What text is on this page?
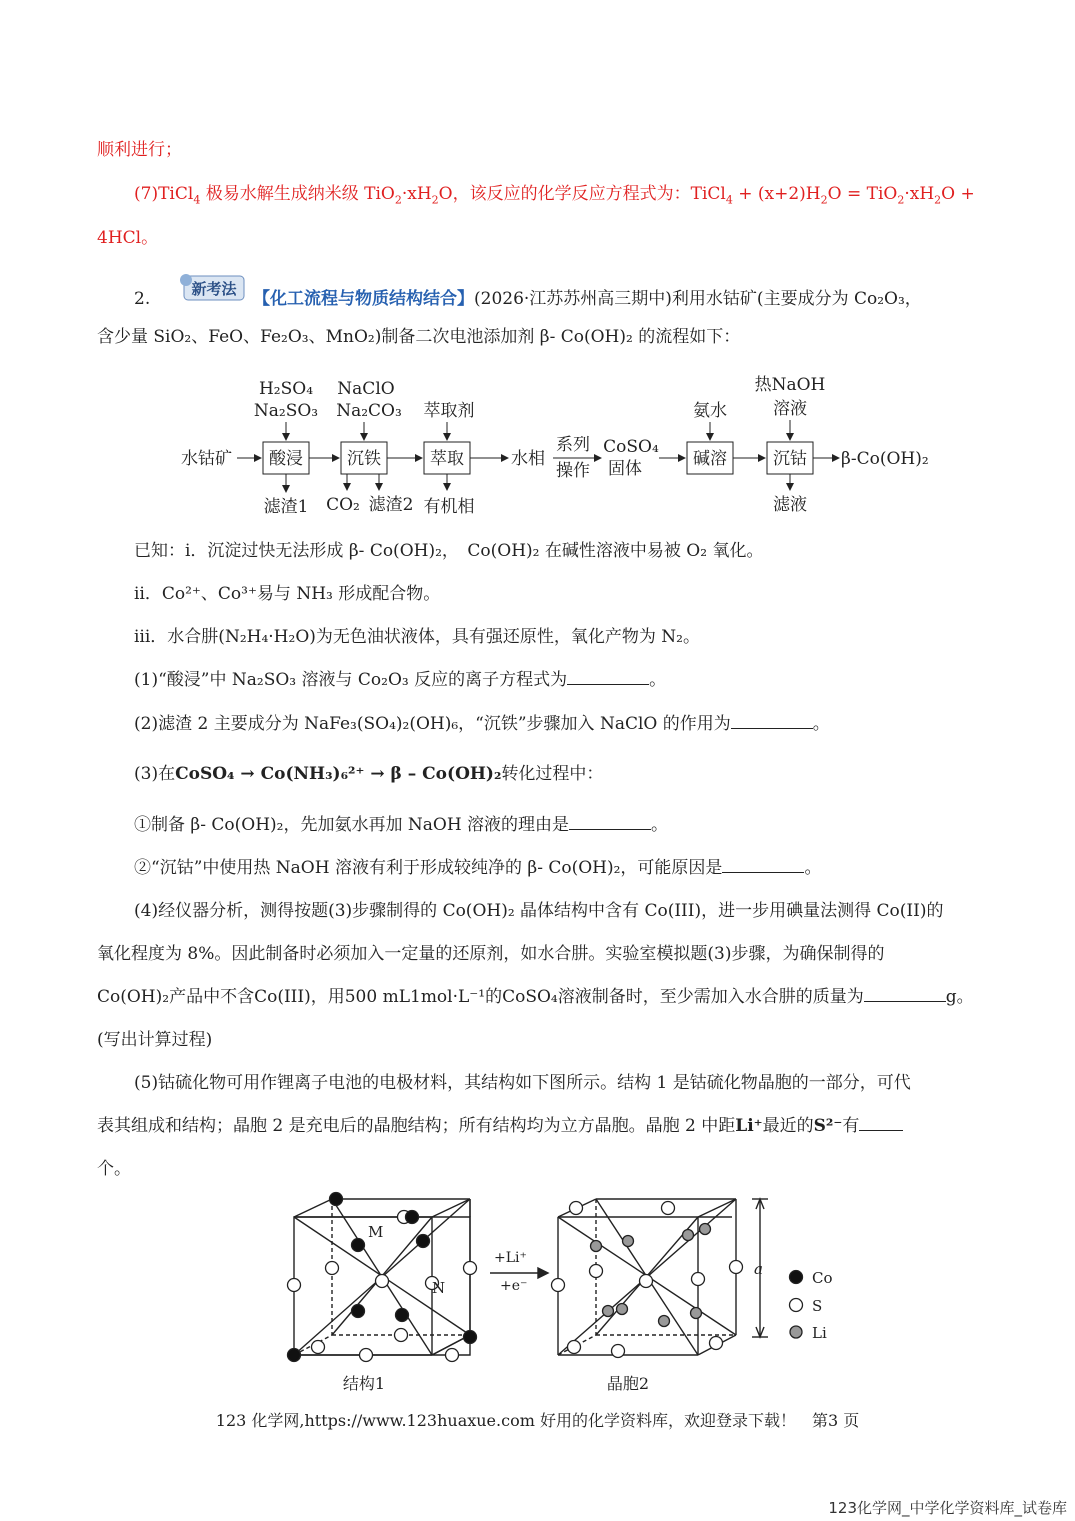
顺利进行；
(7)TiCl$_4$ 极易水解生成纳米级 $TiO_2\cdot xH_2O$，该反应的化学反应方程式为：TiCl$_4$ + $(x+2)H_2O = TiO_2\cdot xH_2O$ +
4HCl。
2.	新考法 【化工流程与物质结构结合】(2026·江苏苏州高三期中)利用水钴矿(主要成分为 Co₂O₃，
含少量 SiO₂、FeO、Fe₂O₃、MnO₂)制备二次电池添加剂 β- Co(OH)₂ 的流程如下：
水钴矿 酸浸
H₂SO₄
Na₂SO₃
滤渣1
沉铁
NaClO
Na₂CO₃
CO₂ 滤渣2
萃取
萃取剂
有机相
水相
系列
操作
CoSO₄
固体	碱溶
氨水
沉钴
热NaOH
溶液
滤液
β-Co(OH)₂
已知：ⅰ．沉淀过快无法形成 β- Co(OH)₂，　Co(OH)₂ 在碱性溶液中易被 O₂ 氧化。
ⅱ．Co²⁺、Co³⁺易与 NH₃ 形成配合物。
ⅲ．水合肼(N₂H₄·H₂O)为无色油状液体，具有强还原性，氧化产物为 N₂。
(1)“酸浸”中 Na₂SO₃ 溶液与 Co₂O₃ 反应的离子方程式为	。
(2)滤渣 2 主要成分为 NaFe₃(SO₄)₂(OH)₆，“沉铁”步骤加入 NaClO 的作用为	。
(3)在CoSO₄ → Co(NH₃)₆²⁺ → β – Co(OH)₂转化过程中：
①制备 β- Co(OH)₂，先加氨水再加 NaOH 溶液的理由是	。
②“沉钴”中使用热 NaOH 溶液有利于形成较纯净的 β- Co(OH)₂，可能原因是	。
(4)经仪器分析，测得按题(3)步骤制得的 Co(OH)₂ 晶体结构中含有 Co(III)，进一步用碘量法测得 Co(II)的
氧化程度为 8%。因此制备时必须加入一定量的还原剂，如水合肼。实验室模拟题(3)步骤，为确保制得的
Co(OH)₂产品中不含Co(III)，用500 mL1mol·L⁻¹的CoSO₄溶液制备时，至少需加入水合肼的质量为	g。
(写出计算过程)
(5)钴硫化物可用作锂离子电池的电极材料，其结构如下图所示。结构 1 是钴硫化物晶胞的一部分，可代
表其组成和结构；晶胞 2 是充电后的晶胞结构；所有结构均为立方晶胞。晶胞 2 中距Li⁺最近的S²⁻有
个。
M
N
+Li⁺
+e⁻
a	Co
S
Li
结构1	晶胞2
123 化学网,https://www.123huaxue.com 好用的化学资料库，欢迎登录下载！　第3 页
123化学网_中学化学资料库_试卷库
